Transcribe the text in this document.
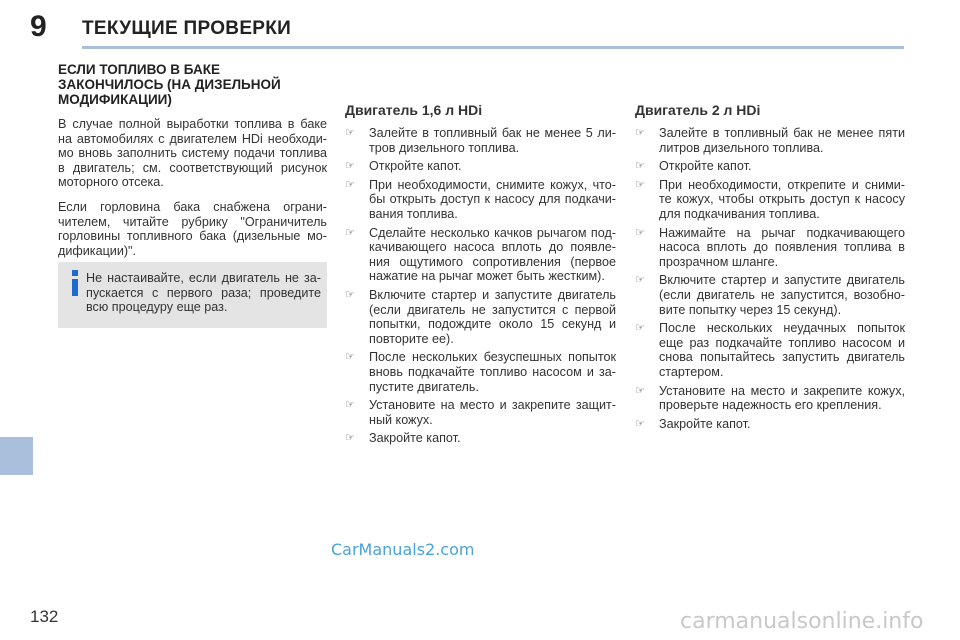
9 ТЕКУЩИЕ ПРОВЕРКИ
ЕСЛИ ТОПЛИВО В БАКЕ ЗАКОНЧИЛОСЬ (НА ДИЗЕЛЬНОЙ МОДИФИКАЦИИ)
В случае полной выработки топлива в баке на автомобилях с двигателем HDi необходи-мо вновь заполнить систему подачи топлива в двигатель; см. соответствующий рисунок моторного отсека.
Если горловина бака снабжена ограни-чителем, читайте рубрику "Ограничитель горловины топливного бака (дизельные мо-дификации)".
Не настаивайте, если двигатель не за-пускается с первого раза; проведите всю процедуру еще раз.
Двигатель 1,6 л HDi
☞ Залейте в топливный бак не менее 5 ли-тров дизельного топлива.
☞ Откройте капот.
☞ При необходимости, снимите кожух, что-бы открыть доступ к насосу для подкачи-вания топлива.
☞ Сделайте несколько качков рычагом под-качивающего насоса вплоть до появле-ния ощутимого сопротивления (первое нажатие на рычаг может быть жестким).
☞ Включите стартер и запустите двигатель (если двигатель не запустится с первой попытки, подождите около 15 секунд и повторите ее).
☞ После нескольких безуспешных попыток вновь подкачайте топливо насосом и за-пустите двигатель.
☞ Установите на место и закрепите защит-ный кожух.
☞ Закройте капот.
Двигатель 2 л HDi
☞ Залейте в топливный бак не менее пяти литров дизельного топлива.
☞ Откройте капот.
☞ При необходимости, открепите и сними-те кожух, чтобы открыть доступ к насосу для подкачивания топлива.
☞ Нажимайте на рычаг подкачивающего насоса вплоть до появления топлива в прозрачном шланге.
☞ Включите стартер и запустите двигатель (если двигатель не запустится, возобно-вите попытку через 15 секунд).
☞ После нескольких неудачных попыток еще раз подкачайте топливо насосом и снова попытайтесь запустить двигатель стартером.
☞ Установите на место и закрепите кожух, проверьте надежность его крепления.
☞ Закройте капот.
CarManuals2.com
carmanualsonline.info
132
